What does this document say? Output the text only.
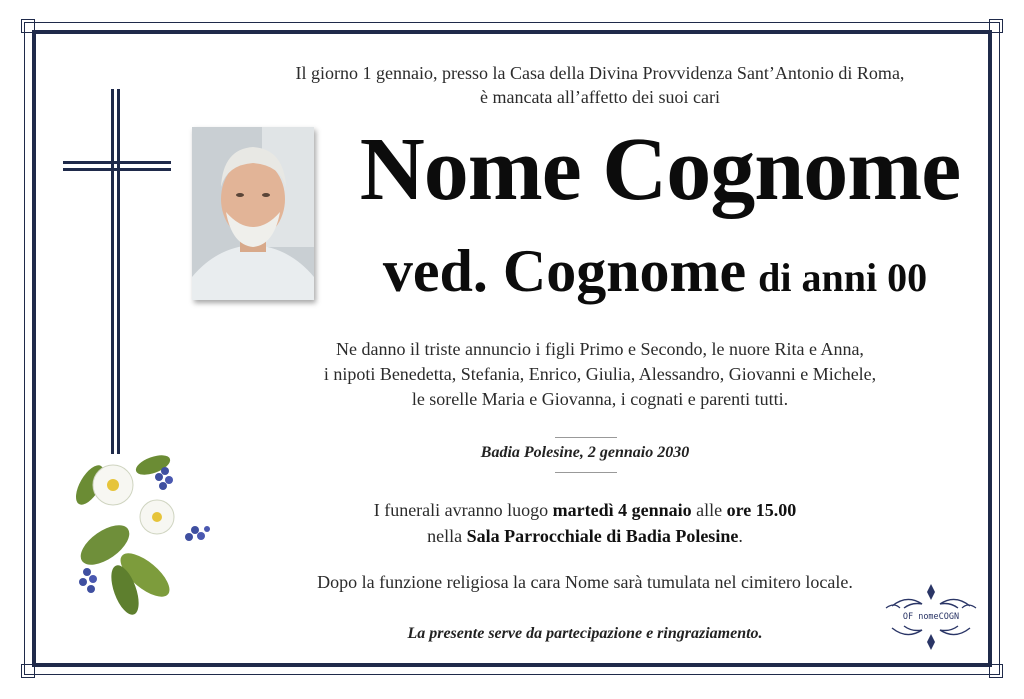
Il giorno 1 gennaio, presso la Casa della Divina Provvidenza Sant’Antonio di Roma,
è mancata all’affetto dei suoi cari
Nome Cognome
ved. Cognome di anni 00
Ne danno il triste annuncio i figli Primo e Secondo, le nuore Rita e Anna,
i nipoti Benedetta, Stefania, Enrico, Giulia, Alessandro, Giovanni e Michele,
le sorelle Maria e Giovanna, i cognati e parenti tutti.
Badia Polesine, 2 gennaio 2030
I funerali avranno luogo martedì 4 gennaio alle ore 15.00
nella Sala Parrocchiale di Badia Polesine.
Dopo la funzione religiosa la cara Nome sarà tumulata nel cimitero locale.
La presente serve da partecipazione e ringraziamento.
OF nomeCOGN
